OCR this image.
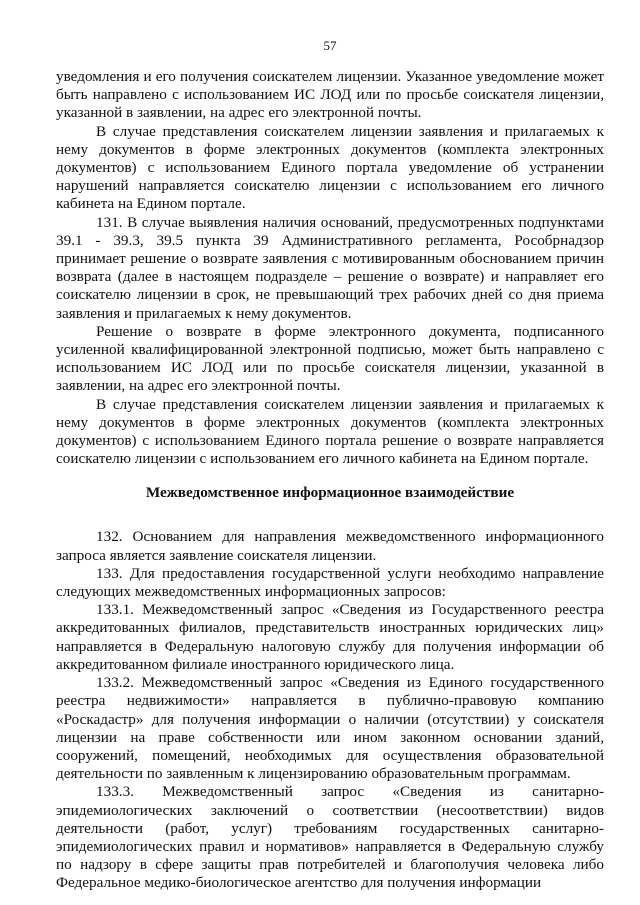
57

уведомления и его получения соискателем лицензии. Указанное уведомление может быть направлено с использованием ИС ЛОД или по просьбе соискателя лицензии, указанной в заявлении, на адрес его электронной почты.

В случае представления соискателем лицензии заявления и прилагаемых к нему документов в форме электронных документов (комплекта электронных документов) с использованием Единого портала уведомление об устранении нарушений направляется соискателю лицензии с использованием его личного кабинета на Едином портале.

131. В случае выявления наличия оснований, предусмотренных подпунктами 39.1 - 39.3, 39.5 пункта 39 Административного регламента, Рособрнадзор принимает решение о возврате заявления с мотивированным обоснованием причин возврата (далее в настоящем подразделе – решение о возврате) и направляет его соискателю лицензии в срок, не превышающий трех рабочих дней со дня приема заявления и прилагаемых к нему документов.

Решение о возврате в форме электронного документа, подписанного усиленной квалифицированной электронной подписью, может быть направлено с использованием ИС ЛОД или по просьбе соискателя лицензии, указанной в заявлении, на адрес его электронной почты.

В случае представления соискателем лицензии заявления и прилагаемых к нему документов в форме электронных документов (комплекта электронных документов) с использованием Единого портала решение о возврате направляется соискателю лицензии с использованием его личного кабинета на Едином портале.

Межведомственное информационное взаимодействие

132. Основанием для направления межведомственного информационного запроса является заявление соискателя лицензии.

133. Для предоставления государственной услуги необходимо направление следующих межведомственных информационных запросов:

133.1. Межведомственный запрос «Сведения из Государственного реестра аккредитованных филиалов, представительств иностранных юридических лиц» направляется в Федеральную налоговую службу для получения информации об аккредитованном филиале иностранного юридического лица.

133.2. Межведомственный запрос «Сведения из Единого государственного реестра недвижимости» направляется в публично-правовую компанию «Роскадастр» для получения информации о наличии (отсутствии) у соискателя лицензии на праве собственности или ином законном основании зданий, сооружений, помещений, необходимых для осуществления образовательной деятельности по заявленным к лицензированию образовательным программам.

133.3. Межведомственный запрос «Сведения из санитарно-эпидемиологических заключений о соответствии (несоответствии) видов деятельности (работ, услуг) требованиям государственных санитарно-эпидемиологических правил и нормативов» направляется в Федеральную службу по надзору в сфере защиты прав потребителей и благополучия человека либо Федеральное медико-биологическое агентство для получения информации
